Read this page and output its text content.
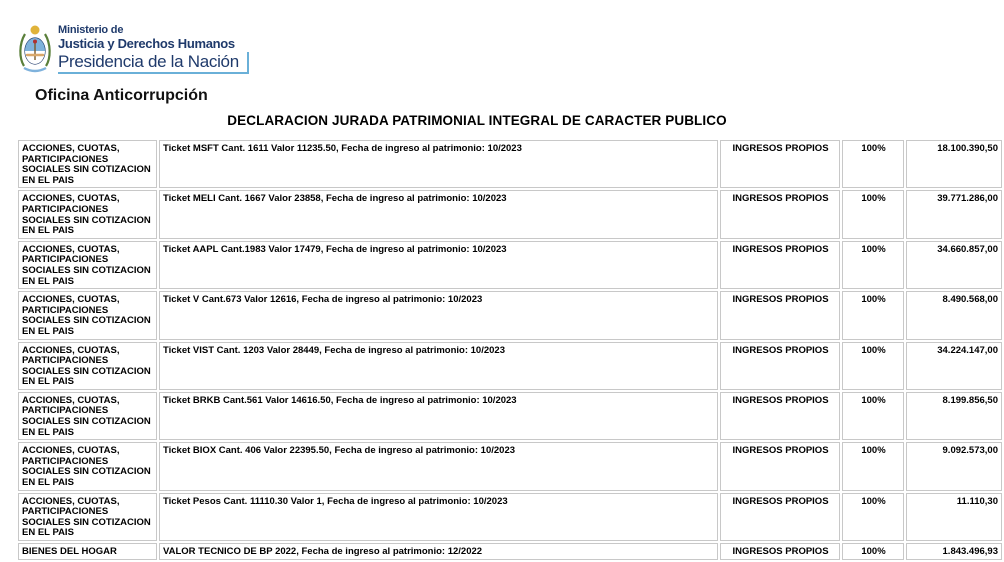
Ministerio de
Justicia y Derechos Humanos
Presidencia de la Nación
Oficina Anticorrupción
DECLARACION JURADA PATRIMONIAL INTEGRAL DE CARACTER PUBLICO
ACCIONES, CUOTAS, PARTICIPACIONES SOCIALES SIN COTIZACION EN EL PAIS	Ticket MSFT Cant. 1611 Valor 11235.50, Fecha de ingreso al patrimonio: 10/2023	INGRESOS PROPIOS	100%	18.100.390,50
ACCIONES, CUOTAS, PARTICIPACIONES SOCIALES SIN COTIZACION EN EL PAIS	Ticket MELI Cant. 1667 Valor 23858, Fecha de ingreso al patrimonio: 10/2023	INGRESOS PROPIOS	100%	39.771.286,00
ACCIONES, CUOTAS, PARTICIPACIONES SOCIALES SIN COTIZACION EN EL PAIS	Ticket AAPL Cant.1983 Valor 17479, Fecha de ingreso al patrimonio: 10/2023	INGRESOS PROPIOS	100%	34.660.857,00
ACCIONES, CUOTAS, PARTICIPACIONES SOCIALES SIN COTIZACION EN EL PAIS	Ticket V Cant.673 Valor 12616, Fecha de ingreso al patrimonio: 10/2023	INGRESOS PROPIOS	100%	8.490.568,00
ACCIONES, CUOTAS, PARTICIPACIONES SOCIALES SIN COTIZACION EN EL PAIS	Ticket VIST Cant. 1203 Valor 28449, Fecha de ingreso al patrimonio: 10/2023	INGRESOS PROPIOS	100%	34.224.147,00
ACCIONES, CUOTAS, PARTICIPACIONES SOCIALES SIN COTIZACION EN EL PAIS	Ticket BRKB Cant.561 Valor 14616.50, Fecha de ingreso al patrimonio: 10/2023	INGRESOS PROPIOS	100%	8.199.856,50
ACCIONES, CUOTAS, PARTICIPACIONES SOCIALES SIN COTIZACION EN EL PAIS	Ticket BIOX Cant. 406 Valor 22395.50, Fecha de ingreso al patrimonio: 10/2023	INGRESOS PROPIOS	100%	9.092.573,00
ACCIONES, CUOTAS, PARTICIPACIONES SOCIALES SIN COTIZACION EN EL PAIS	Ticket Pesos Cant. 11110.30 Valor 1, Fecha de ingreso al patrimonio: 10/2023	INGRESOS PROPIOS	100%	11.110,30
BIENES DEL HOGAR	VALOR TECNICO DE BP 2022, Fecha de ingreso al patrimonio: 12/2022	INGRESOS PROPIOS	100%	1.843.496,93
